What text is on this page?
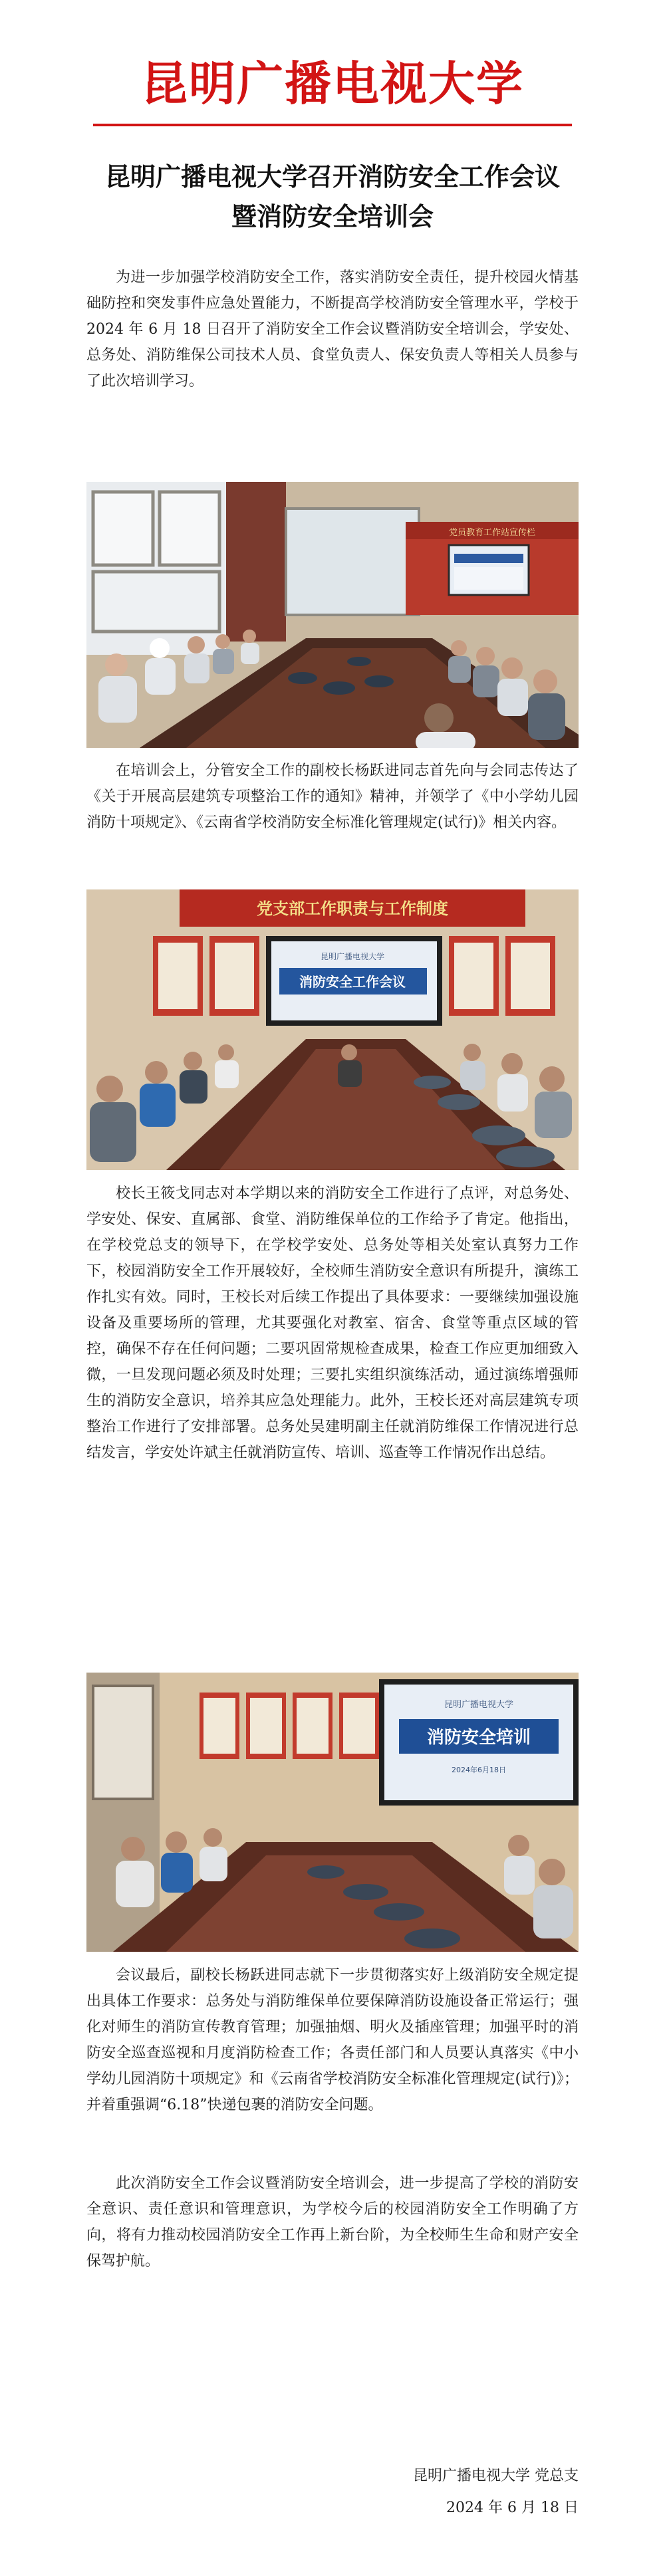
昆明广播电视大学
昆明广播电视大学召开消防安全工作会议
暨消防安全培训会

为进一步加强学校消防安全工作，落实消防安全责任，提升校园火情基础防控和突发事件应急处置能力，不断提高学校消防安全管理水平，学校于 2024 年 6 月 18 日召开了消防安全工作会议暨消防安全培训会，学安处、总务处、消防维保公司技术人员、食堂负责人、保安负责人等相关人员参与了此次培训学习。

党员教育工作站宣传栏

在培训会上，分管安全工作的副校长杨跃进同志首先向与会同志传达了《关于开展高层建筑专项整治工作的通知》精神，并领学了《中小学幼儿园消防十项规定》、《云南省学校消防安全标准化管理规定(试行)》相关内容。

党支部工作职责与工作制度
昆明广播电视大学
消防安全工作会议

校长王筱戈同志对本学期以来的消防安全工作进行了点评，对总务处、学安处、保安、直属部、食堂、消防维保单位的工作给予了肯定。他指出，在学校党总支的领导下，在学校学安处、总务处等相关处室认真努力工作下，校园消防安全工作开展较好，全校师生消防安全意识有所提升，演练工作扎实有效。同时，王校长对后续工作提出了具体要求：一要继续加强设施设备及重要场所的管理，尤其要强化对教室、宿舍、食堂等重点区域的管控，确保不存在任何问题；二要巩固常规检查成果，检查工作应更加细致入微，一旦发现问题必须及时处理；三要扎实组织演练活动，通过演练增强师生的消防安全意识，培养其应急处理能力。此外，王校长还对高层建筑专项整治工作进行了安排部署。总务处吴建明副主任就消防维保工作情况进行总结发言，学安处许斌主任就消防宣传、培训、巡查等工作情况作出总结。

昆明广播电视大学
消防安全培训
2024年6月18日

会议最后，副校长杨跃进同志就下一步贯彻落实好上级消防安全规定提出具体工作要求：总务处与消防维保单位要保障消防设施设备正常运行；强化对师生的消防宣传教育管理；加强抽烟、明火及插座管理；加强平时的消防安全巡查巡视和月度消防检查工作；各责任部门和人员要认真落实《中小学幼儿园消防十项规定》和《云南省学校消防安全标准化管理规定(试行)》；并着重强调“6.18”快递包裹的消防安全问题。

此次消防安全工作会议暨消防安全培训会，进一步提高了学校的消防安全意识、责任意识和管理意识，为学校今后的校园消防安全工作明确了方向，将有力推动校园消防安全工作再上新台阶，为全校师生生命和财产安全保驾护航。

昆明广播电视大学 党总支
2024 年 6 月 18 日
